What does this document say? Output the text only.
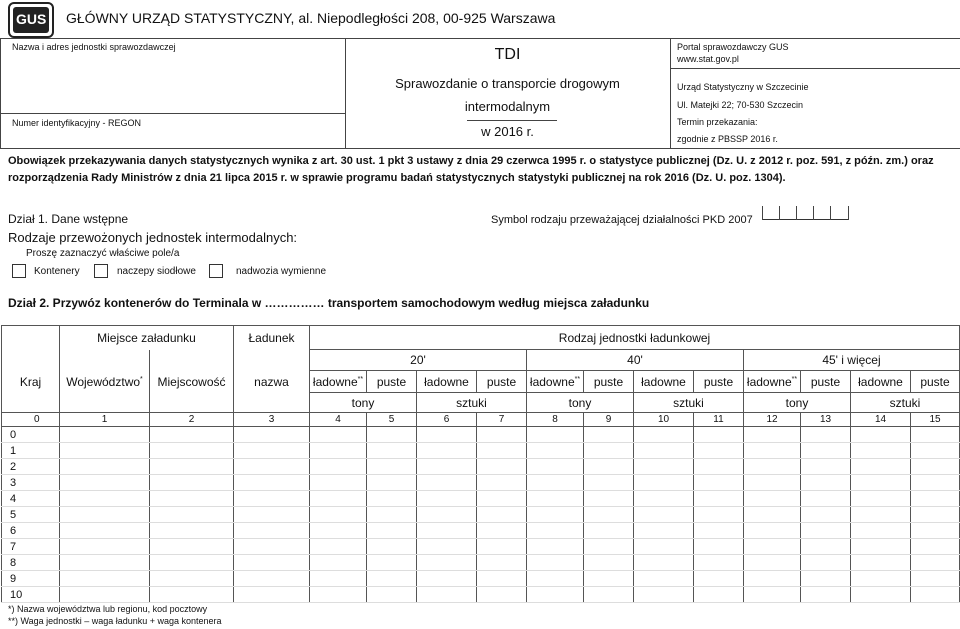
GUS GŁÓWNY URZĄD STATYSTYCZNY, al. Niepodległości 208, 00-925 Warszawa
Nazwa i adres jednostki sprawozdawczej
Numer identyfikacyjny - REGON
TDI
Sprawozdanie o transporcie drogowym
intermodalnym
w 2016 r.
Portal sprawozdawczy GUS
www.stat.gov.pl
Urząd Statystyczny w Szczecinie
Ul. Matejki 22; 70-530 Szczecin
Termin przekazania:
zgodnie z PBSSP 2016 r.
Obowiązek przekazywania danych statystycznych wynika z art. 30 ust. 1 pkt 3 ustawy z dnia 29 czerwca 1995 r. o statystyce publicznej (Dz. U. z 2012 r. poz. 591, z późn. zm.) oraz
rozporządzenia Rady Ministrów z dnia 21 lipca 2015 r. w sprawie programu badań statystycznych statystyki publicznej na rok 2016 (Dz. U. poz. 1304).
Dział 1. Dane wstępne	Symbol rodzaju przeważającej działalności PKD 2007
Rodzaje przewożonych jednostek intermodalnych:
Proszę zaznaczyć właściwe pole/a
Kontenery	naczepy siodłowe	nadwozia wymienne
Dział 2. Przywóz kontenerów do Terminala w …………… transportem samochodowym według miejsca załadunku
	Miejsce załadunku		Ładunek	Rodzaj jednostki ładunkowej											
				20'				40'				45' i więcej			
Kraj	Województwo*	Miejscowość	nazwa	ładowne**	puste	ładowne	puste	ładowne**	puste	ładowne	puste	ładowne**	puste	ładowne	puste
				tony		sztuki		tony		sztuki		tony		sztuki	
0	1	2	3	4	5	6	7	8	9	10	11	12	13	14	15
0															
1															
2															
3															
4															
5															
6															
7															
8															
9															
10															
*) Nazwa województwa lub regionu, kod pocztowy
**) Waga jednostki – waga ładunku + waga kontenera
